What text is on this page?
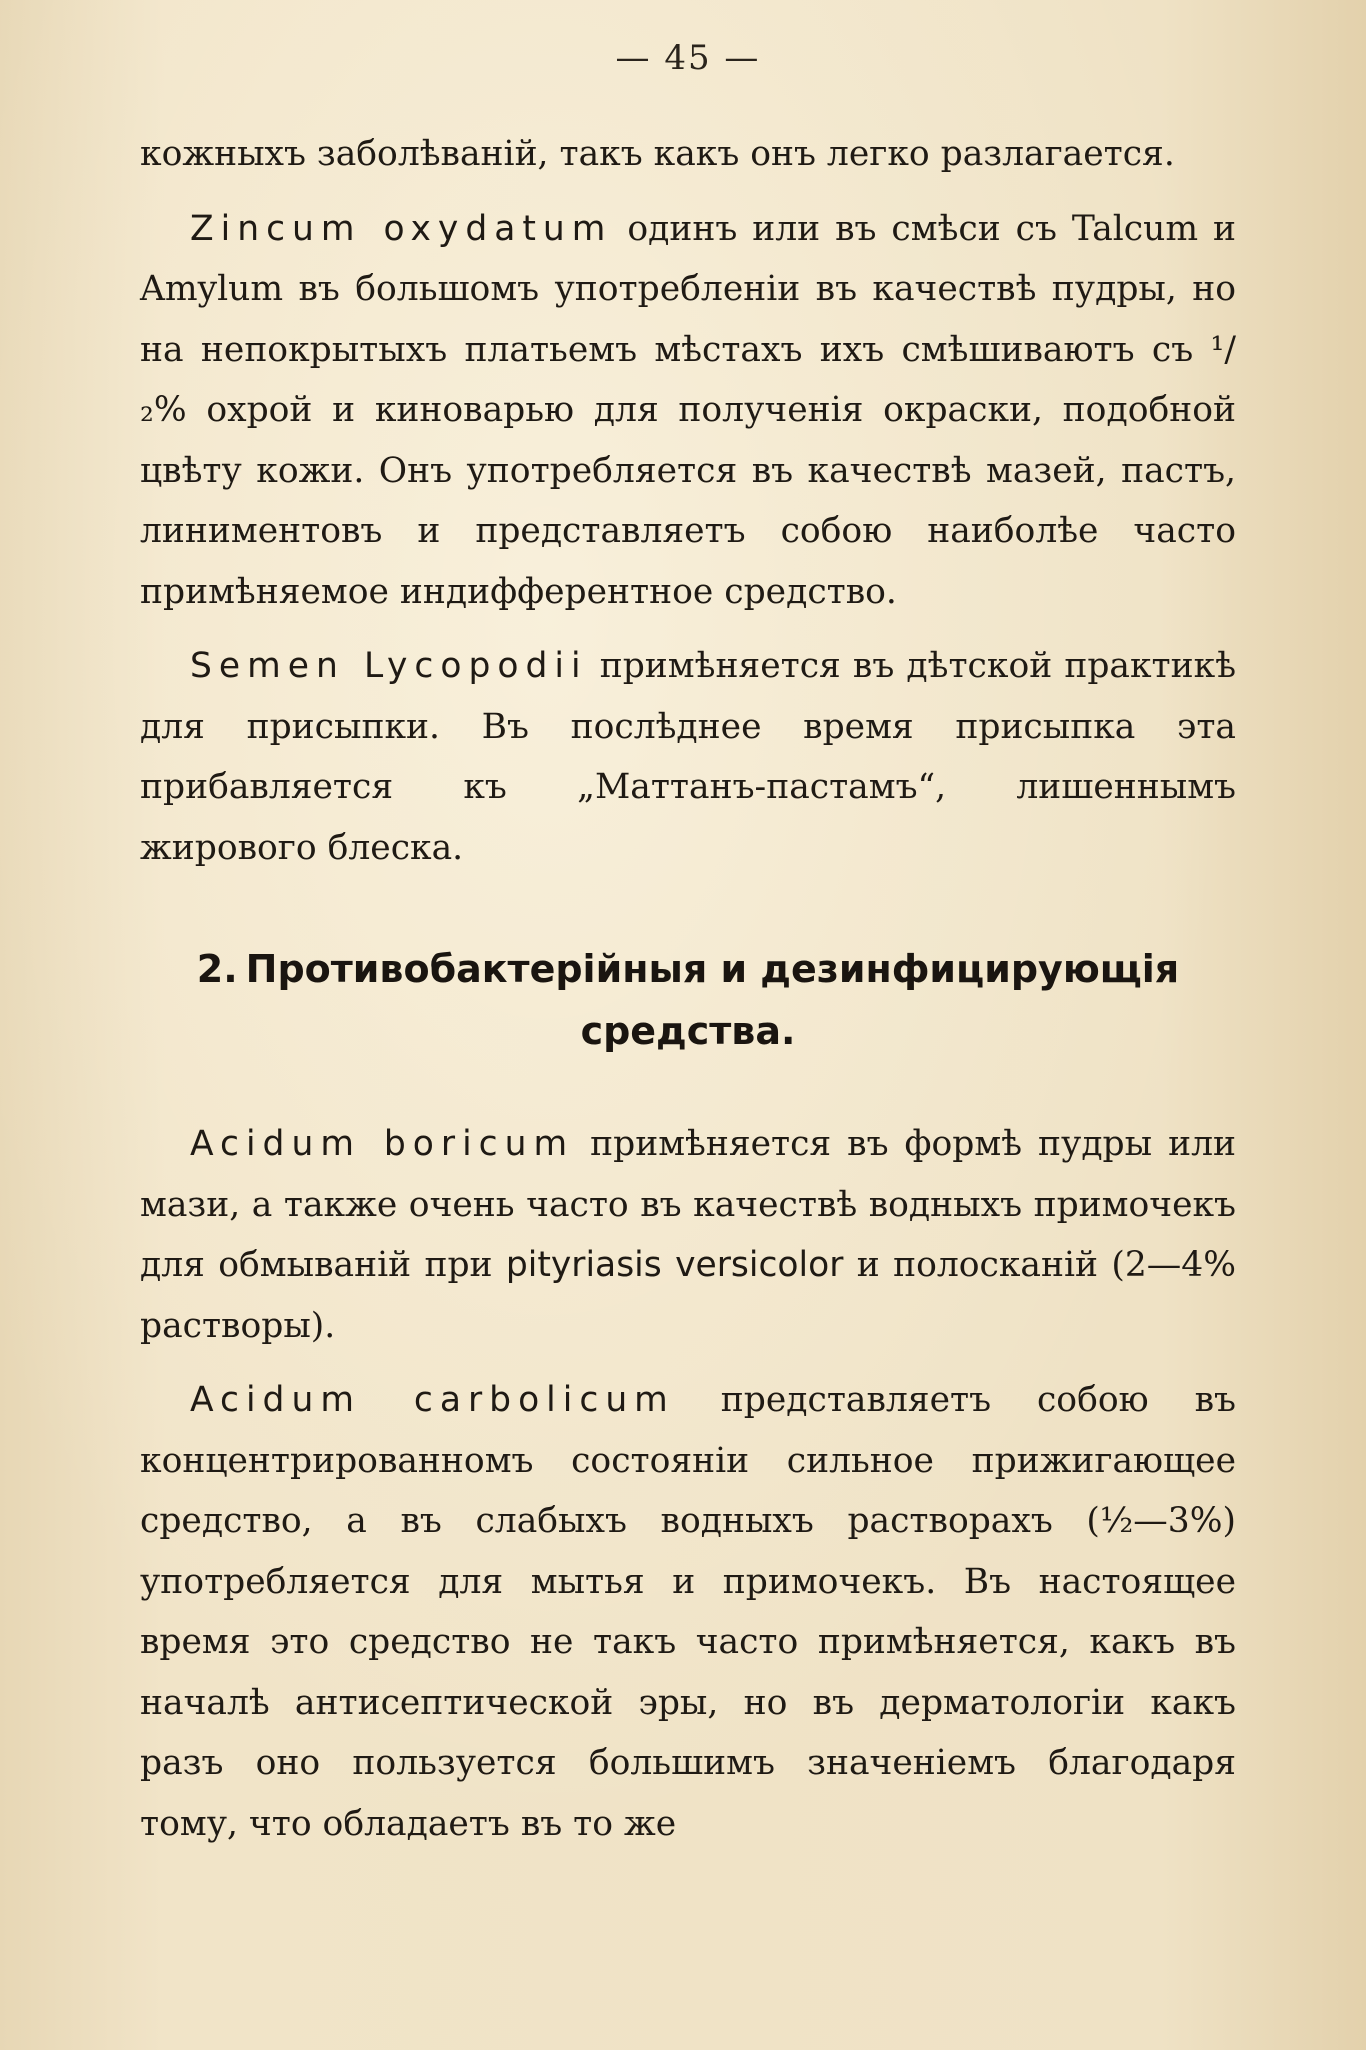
— 45 —

кожныхъ заболѣваній, такъ какъ онъ легко разлагается.

Zincum oxydatum одинъ или въ смѣси съ Talcum и Amylum въ большомъ употребленіи въ качествѣ пудры, но на непокрытыхъ платьемъ мѣстахъ ихъ смѣшиваютъ съ ¹/₂% охрой и киноварью для полученія окраски, подобной цвѣту кожи. Онъ употребляется въ качествѣ мазей, пастъ, линиментовъ и представляетъ собою наиболѣе часто примѣняемое индифферентное средство.

Semen Lycopodii примѣняется въ дѣтской практикѣ для присыпки. Въ послѣднее время присыпка эта прибавляется къ „Маттанъ-пастамъ“, лишеннымъ жирового блеска.

2. Противобактерійныя и дезинфицирующія средства.

Acidum boricum примѣняется въ формѣ пудры или мази, а также очень часто въ качествѣ водныхъ примочекъ для обмываній при pityriasis versicolor и полосканій (2—4% растворы).

Acidum carbolicum представляетъ собою въ концентрированномъ состояніи сильное прижигающее средство, а въ слабыхъ водныхъ растворахъ (½—3%) употребляется для мытья и примочекъ. Въ настоящее время это средство не такъ часто примѣняется, какъ въ началѣ антисептической эры, но въ дерматологіи какъ разъ оно пользуется большимъ значеніемъ благодаря тому, что обладаетъ въ то же
